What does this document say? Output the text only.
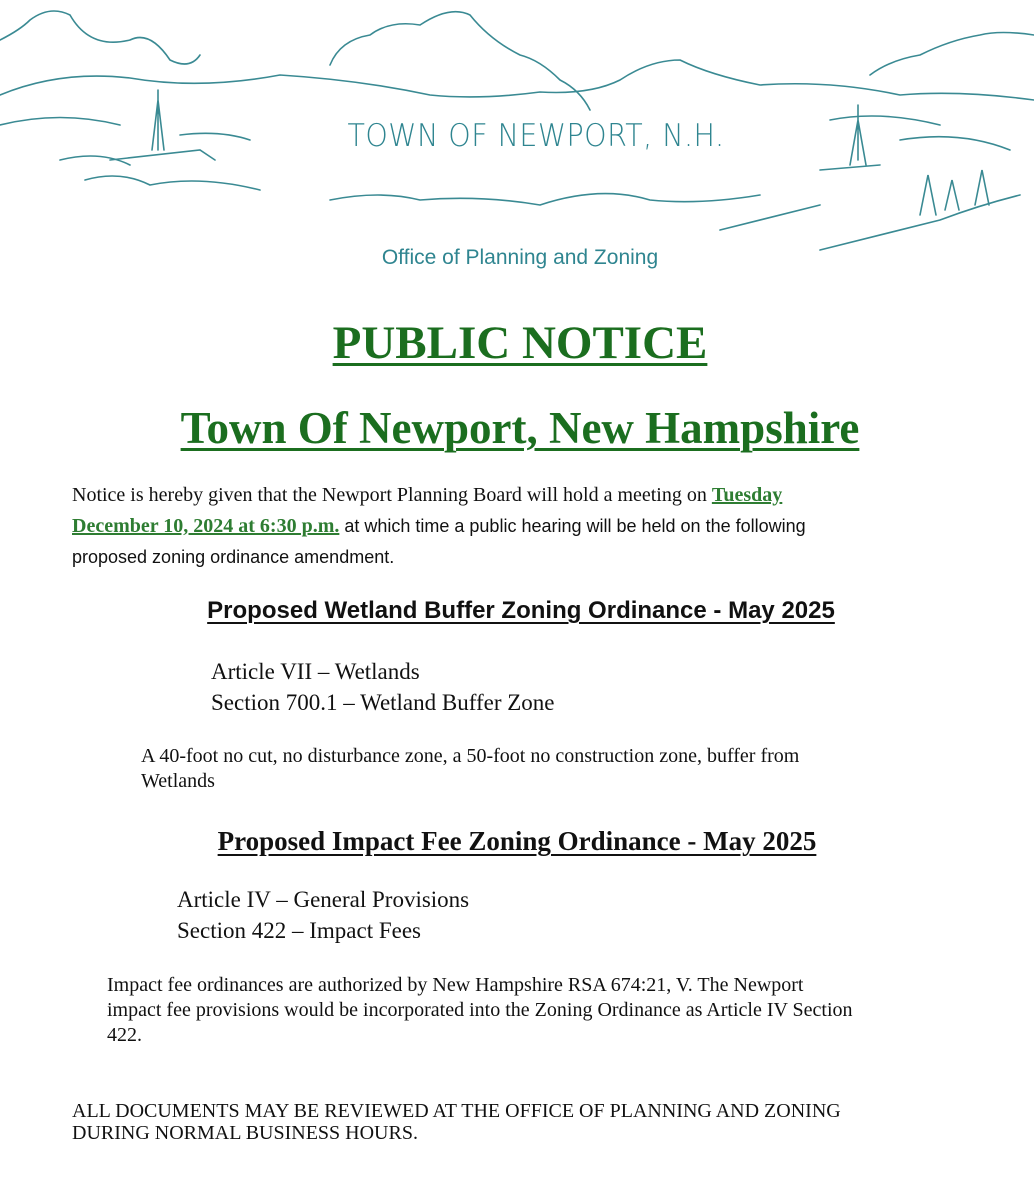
TOWN OF NEWPORT, N.H.
Office of Planning and Zoning
PUBLIC NOTICE
Town Of Newport, New Hampshire
Notice is hereby given that the Newport Planning Board will hold a meeting on Tuesday
December 10, 2024 at 6:30 p.m. at which time a public hearing will be held on the following
proposed zoning ordinance amendment.
Proposed Wetland Buffer Zoning Ordinance - May 2025
Article VII – Wetlands
Section 700.1 – Wetland Buffer Zone
A 40-foot no cut, no disturbance zone, a 50-foot no construction zone, buffer from
Wetlands
Proposed Impact Fee Zoning Ordinance - May 2025
Article IV – General Provisions
Section 422 – Impact Fees
Impact fee ordinances are authorized by New Hampshire RSA 674:21, V. The Newport
impact fee provisions would be incorporated into the Zoning Ordinance as Article IV Section
422.
ALL DOCUMENTS MAY BE REVIEWED AT THE OFFICE OF PLANNING AND ZONING
DURING NORMAL BUSINESS HOURS.
